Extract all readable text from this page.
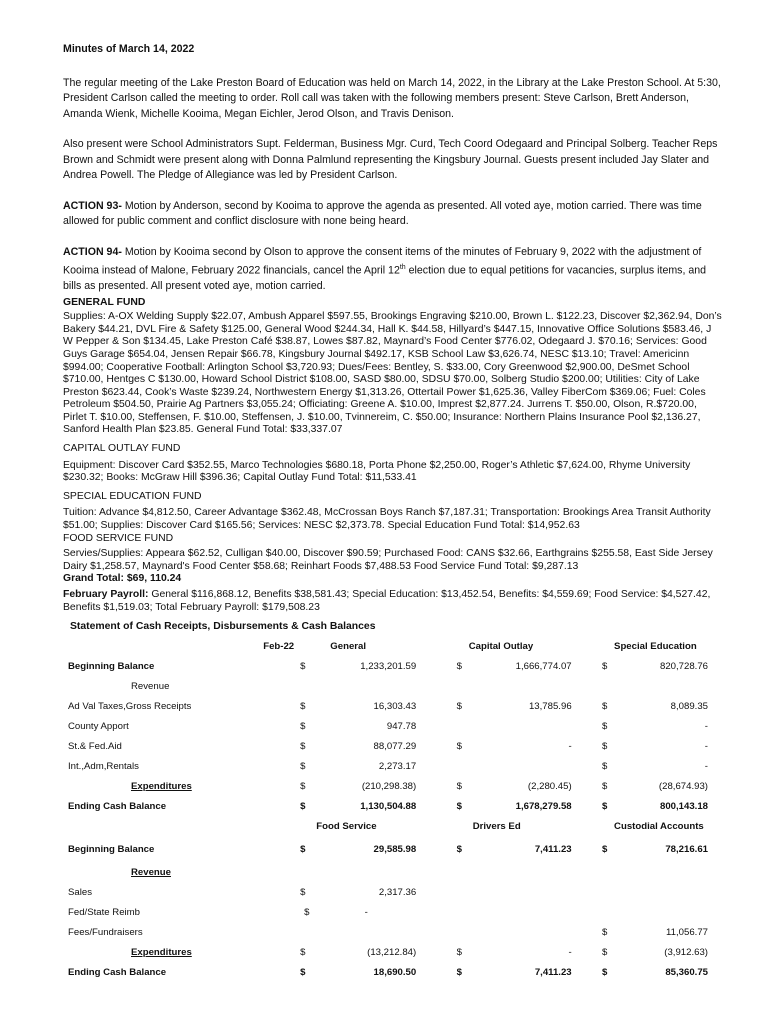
Minutes of March 14, 2022

The regular meeting of the Lake Preston Board of Education was held on March 14, 2022, in the Library at the Lake Preston School. At 5:30, President Carlson called the meeting to order. Roll call was taken with the following members present: Steve Carlson, Brett Anderson, Amanda Wienk, Michelle Kooima, Megan Eichler, Jerod Olson, and Travis Denison.

Also present were School Administrators Supt. Felderman, Business Mgr. Curd, Tech Coord Odegaard and Principal Solberg. Teacher Reps Brown and Schmidt were present along with Donna Palmlund representing the Kingsbury Journal. Guests present included Jay Slater and Andrea Powell. The Pledge of Allegiance was led by President Carlson.

ACTION 93- Motion by Anderson, second by Kooima to approve the agenda as presented. All voted aye, motion carried. There was time allowed for public comment and conflict disclosure with none being heard.

ACTION 94- Motion by Kooima second by Olson to approve the consent items of the minutes of February 9, 2022 with the adjustment of Kooima instead of Malone, February 2022 financials, cancel the April 12th election due to equal petitions for vacancies, surplus items, and bills as presented. All present voted aye, motion carried.

GENERAL FUND

Supplies: A-OX Welding Supply $22.07, Ambush Apparel $597.55, Brookings Engraving $210.00, Brown L. $122.23, Discover $2,362.94, Don’s Bakery $44.21, DVL Fire & Safety $125.00, General Wood $244.34, Hall K. $44.58, Hillyard’s $447.15, Innovative Office Solutions $583.46, J W Pepper & Son $134.45, Lake Preston Café $38.87, Lowes $87.82, Maynard’s Food Center $776.02, Odegaard J. $70.16; Services: Good Guys Garage $654.04, Jensen Repair $66.78, Kingsbury Journal $492.17, KSB School Law $3,626.74, NESC $13.10; Travel: Americinn $994.00; Cooperative Football: Arlington School $3,720.93; Dues/Fees: Bentley, S. $33.00, Cory Greenwood $2,900.00, DeSmet School $710.00, Hentges C $130.00, Howard School District $108.00, SASD $80.00, SDSU $70.00, Solberg Studio $200.00; Utilities: City of Lake Preston $623.44, Cook’s Waste $239.24, Northwestern Energy $1,313.26, Ottertail Power $1,625.36, Valley FiberCom $369.06; Fuel: Coles Petroleum $504.50, Prairie Ag Partners $3,055.24; Officiating: Greene A. $10.00, Imprest $2,877.24. Jurrens T. $50.00, Olson, R.$720.00, Pirlet T. $10.00, Steffensen, F. $10.00, Steffensen, J. $10.00, Tvinnereim, C. $50.00; Insurance: Northern Plains Insurance Pool $2,136.27, Sanford Health Plan $23.85. General Fund Total: $33,337.07

CAPITAL OUTLAY FUND

Equipment: Discover Card $352.55, Marco Technologies $680.18, Porta Phone $2,250.00, Roger’s Athletic $7,624.00, Rhyme University $230.32; Books: McGraw Hill $396.36; Capital Outlay Fund Total: $11,533.41

SPECIAL EDUCATION FUND

Tuition: Advance $4,812.50, Career Advantage $362.48, McCrossan Boys Ranch $7,187.31; Transportation: Brookings Area Transit Authority $51.00; Supplies: Discover Card $165.56; Services: NESC $2,373.78. Special Education Fund Total: $14,952.63

FOOD SERVICE FUND

Servies/Supplies: Appeara $62.52, Culligan $40.00, Discover $90.59; Purchased Food: CANS $32.66, Earthgrains $255.58, East Side Jersey Dairy $1,258.57, Maynard's Food Center $58.68; Reinhart Foods $7,488.53 Food Service Fund Total: $9,287.13

Grand Total: $69, 110.24

February Payroll: General $116,868.12, Benefits $38,581.43; Special Education: $13,452.54, Benefits: $4,559.69; Food Service: $4,527.42, Benefits $1,519.03; Total February Payroll: $179,508.23

Statement of Cash Receipts, Disbursements & Cash Balances									
	Feb-22		General			Capital Outlay			Special Education
Beginning Balance		$	1,233,201.59		$	1,666,774.07		$	820,728.76
Revenue									
Ad Val Taxes,Gross Receipts		$	16,303.43		$	13,785.96		$	8,089.35
County Apport		$	947.78					$	-
St.& Fed.Aid		$	88,077.29		$	-		$	-
Int.,Adm,Rentals		$	2,273.17					$	-
Expenditures		$	(210,298.38)		$	(2,280.45)		$	(28,674.93)
Ending Cash Balance		$	1,130,504.88		$	1,678,279.58		$	800,143.18
			Food Service			Drivers Ed			Custodial Accounts
Beginning Balance		$	29,585.98		$	7,411.23		$	78,216.61
Revenue									
Sales		$	2,317.36						
Fed/State Reimb		$	-						
Fees/Fundraisers								$	11,056.77
Expenditures		$	(13,212.84)		$	-		$	(3,912.63)
Ending Cash Balance		$	18,690.50		$	7,411.23		$	85,360.75
